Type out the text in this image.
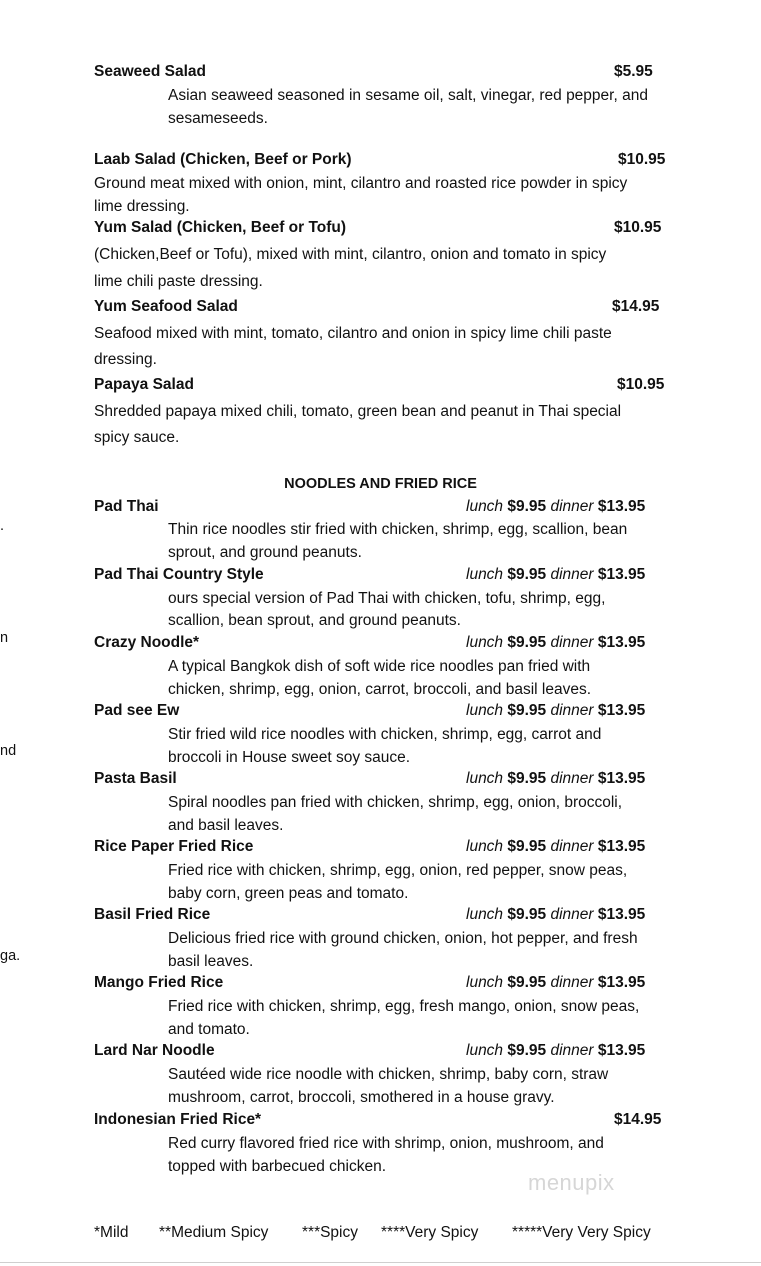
Seaweed Salad	$5.95
Asian seaweed seasoned in sesame oil, salt, vinegar, red pepper, and
sesameseeds.
Laab Salad (Chicken, Beef or Pork)	$10.95
Ground meat mixed with onion, mint, cilantro and roasted rice powder in spicy
lime dressing.
Yum Salad (Chicken, Beef or Tofu)	$10.95
(Chicken,Beef or Tofu), mixed with mint, cilantro, onion and tomato in spicy
lime chili paste dressing.
Yum Seafood Salad	$14.95
Seafood mixed with mint, tomato, cilantro and onion in spicy lime chili paste
dressing.
Papaya Salad	$10.95
Shredded papaya mixed chili, tomato, green bean and peanut in Thai special
spicy sauce.
NOODLES AND FRIED RICE
Pad Thai	lunch $9.95 dinner $13.95
Thin rice noodles stir fried with chicken, shrimp, egg, scallion, bean
sprout, and ground peanuts.
Pad Thai Country Style	lunch $9.95 dinner $13.95
ours special version of Pad Thai with chicken, tofu, shrimp, egg,
scallion, bean sprout, and ground peanuts.
Crazy Noodle*	lunch $9.95 dinner $13.95
A typical Bangkok dish of soft wide rice noodles pan fried with
chicken, shrimp, egg, onion, carrot, broccoli, and basil leaves.
Pad see Ew	lunch $9.95 dinner $13.95
Stir fried wild rice noodles with chicken, shrimp, egg, carrot and
broccoli in House sweet soy sauce.
Pasta Basil	lunch $9.95 dinner $13.95
Spiral noodles pan fried with chicken, shrimp, egg, onion, broccoli,
and basil leaves.
Rice Paper Fried Rice	lunch $9.95 dinner $13.95
Fried rice with chicken, shrimp, egg, onion, red pepper, snow peas,
baby corn, green peas and tomato.
Basil Fried Rice	lunch $9.95 dinner $13.95
Delicious fried rice with ground chicken, onion, hot pepper, and fresh
basil leaves.
Mango Fried Rice	lunch $9.95 dinner $13.95
Fried rice with chicken, shrimp, egg, fresh mango, onion, snow peas,
and tomato.
Lard Nar Noodle	lunch $9.95 dinner $13.95
Sautéed wide rice noodle with chicken, shrimp, baby corn, straw
mushroom, carrot, broccoli, smothered in a house gravy.
Indonesian Fried Rice*	$14.95
Red curry flavored fried rice with shrimp, onion, mushroom, and
topped with barbecued chicken.
.
n
nd
ga.
menupix
*Mild **Medium Spicy ***Spicy ****Very Spicy *****Very Very Spicy
